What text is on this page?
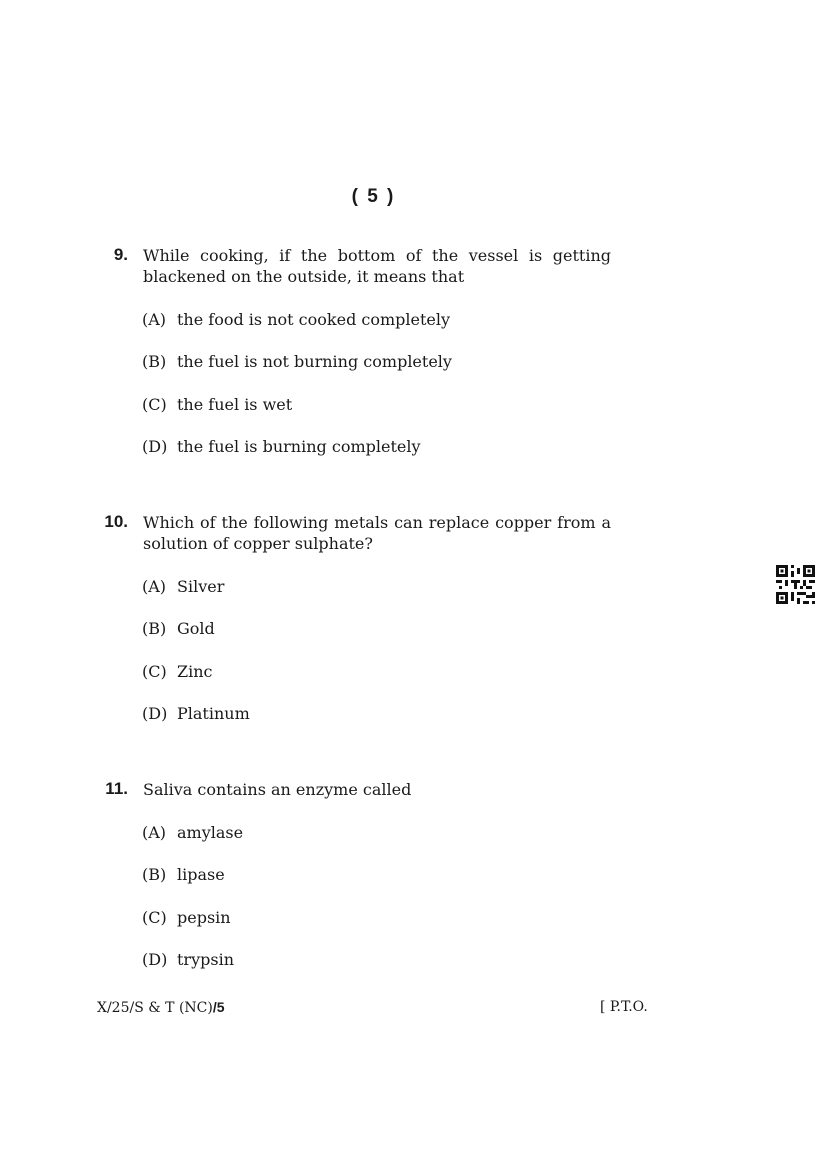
( 5 )
9. While cooking, if the bottom of the vessel is getting blackened on the outside, it means that
(A) the food is not cooked completely
(B) the fuel is not burning completely
(C) the fuel is wet
(D) the fuel is burning completely
10. Which of the following metals can replace copper from a solution of copper sulphate?
(A) Silver
(B) Gold
(C) Zinc
(D) Platinum
11. Saliva contains an enzyme called
(A) amylase
(B) lipase
(C) pepsin
(D) trypsin
X/25/S & T (NC)/5	[ P.T.O.
